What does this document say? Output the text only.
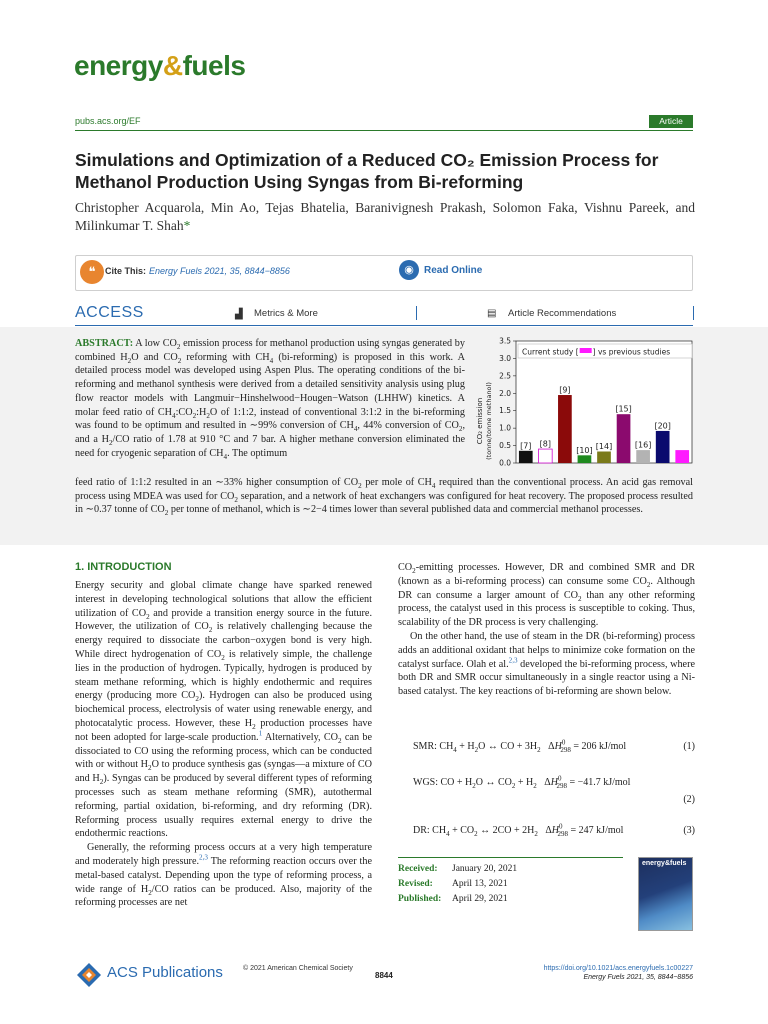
energy&fuels
pubs.acs.org/EF	Article
Simulations and Optimization of a Reduced CO₂ Emission Process for Methanol Production Using Syngas from Bi-reforming
Christopher Acquarola, Min Ao, Tejas Bhatelia, Baranivignesh Prakash, Solomon Faka, Vishnu Pareek, and Milinkumar T. Shah*
❝	Cite This: Energy Fuels 2021, 35, 8844−8856	◉	Read Online
ACCESS	▟ Metrics & More	▤ Article Recommendations
ABSTRACT: A low $CO_2$ emission process for methanol production using syngas generated by combined $H_2O$ and $CO_2$ reforming with $CH_4$ (bi-reforming) is proposed in this work. A detailed process model was developed using Aspen Plus. The operating conditions of the bi-reforming and methanol synthesis were derived from a detailed sensitivity analysis using plug flow reactor models with Langmuir−Hinshelwood−Hougen−Watson (LHHW) kinetics. A molar feed ratio of $CH_4:CO_2:H_2O$ of 1:1:2, instead of conventional 3:1:2 in the bi-reforming was found to be optimum and resulted in ∼99% conversion of $CH_4$, 44% conversion of $CO_2$, and a $H_2/CO$ ratio of 1.78 at 910 °C and 7 bar. A higher methane conversion eliminated the need for cryogenic separation of $CH_4$. The optimum
feed ratio of 1:1:2 resulted in an ∼33% higher consumption of $CO_2$ per mole of $CH_4$ required than the conventional process. An acid gas removal process using MDEA was used for $CO_2$ separation, and a network of heat exchangers was configured for heat recovery. The proposed process resulted in ∼0.37 tonne of $CO_2$ per tonne of methanol, which is ∼2−4 times lower than several published data and commercial methanol processes.
0.0
0.5
1.0
1.5
2.0
2.5
3.0
3.5
[7] [8]
[9]
[10] [14]
[15]
[16]
[20]
Current study [ ] vs previous studies
CO₂ emission (tonne/tonne methanol)
1. INTRODUCTION

Energy security and global climate change have sparked renewed interest in developing technological solutions that allow the efficient utilization of $CO_2$ and provide a transition energy source in the future. However, the utilization of $CO_2$ is relatively challenging because the energy required to dissociate the carbon−oxygen bond is very high. While direct hydrogenation of $CO_2$ is relatively simple, the challenge lies in the production of hydrogen. Typically, hydrogen is produced by steam methane reforming, which is highly endothermic and requires energy (producing more $CO_2$). Hydrogen can also be produced using biochemical process, electrolysis of water using renewable energy, and photocatalytic process. However, these $H_2$ production processes have not been adopted for large-scale production.$^1$ Alternatively, $CO_2$ can be dissociated to CO using the reforming process, which can be conducted with or without $H_2O$ to produce synthesis gas (syngas—a mixture of CO and $H_2$). Syngas can be produced by several different types of reforming processes such as steam methane reforming (SMR), autothermal reforming, partial oxidation, bi-reforming, and dry reforming (DR). Reforming process usually requires external energy to drive the endothermic reactions.

Generally, the reforming process occurs at a very high temperature and moderately high pressure.$^{2,3}$ The reforming reaction occurs over the metal-based catalyst. Depending upon the type of reforming process, a wide range of $H_2/CO$ ratios can be produced. Also, majority of the reforming processes are net

$CO_2$-emitting processes. However, DR and combined SMR and DR (known as a bi-reforming process) can consume some $CO_2$. Although DR can consume a larger amount of $CO_2$ than any other reforming process, the catalyst used in this process is susceptible to coking. Thus, scalability of the DR process is very challenging.

On the other hand, the use of steam in the DR (bi-reforming) process adds an additional oxidant that helps to minimize coke formation on the catalyst surface. Olah et al.$^{2,3}$ developed the bi-reforming process, where both DR and SMR occur simultaneously in a single reactor using a Ni-based catalyst. The key reactions of bi-reforming are shown below.

SMR: $CH_4 + H_2O$ ↔ CO + $3H_2$   $\Delta H^0_{298} = 206$ kJ/mol	(1)
WGS: CO + $H_2O$ ↔ $CO_2 + H_2$   $\Delta H^0_{298} = -41.7$ kJ/mol
(2)
DR: $CH_4 + CO_2$ ↔ $2CO + 2H_2$   $\Delta H^0_{298} = 247$ kJ/mol	(3)
Received: January 20, 2021
Revised: April 13, 2021
Published: April 29, 2021
energy&fuels
ACS Publications	© 2021 American Chemical Society
8844
https://doi.org/10.1021/acs.energyfuels.1c00227
Energy Fuels 2021, 35, 8844−8856
